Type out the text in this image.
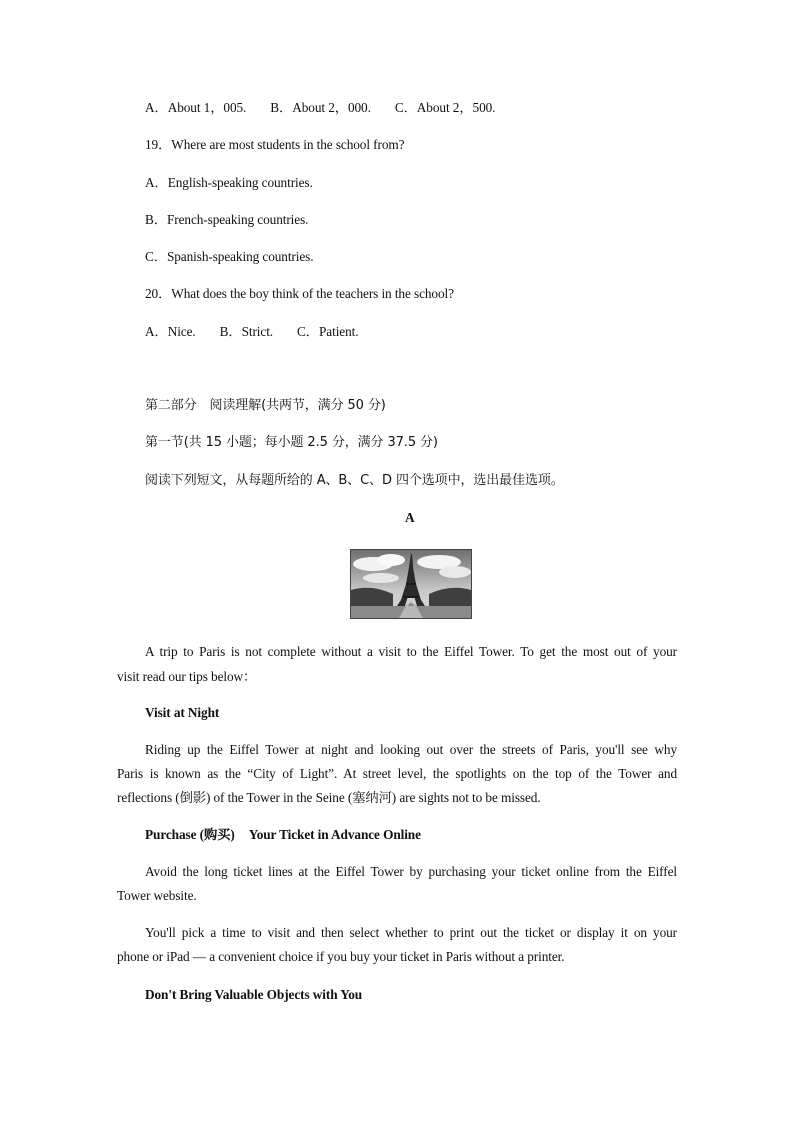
A．About 1，005. B．About 2，000. C．About 2，500.
19．Where are most students in the school from?
A．English-speaking countries.
B．French-speaking countries.
C．Spanish-speaking countries.
20．What does the boy think of the teachers in the school?
A．Nice. B．Strict. C．Patient.
第二部分　阅读理解(共两节，满分 50 分)
第一节(共 15 小题；每小题 2.5 分，满分 37.5 分)
阅读下列短文，从每题所给的 A、B、C、D 四个选项中，选出最佳选项。
A
A trip to Paris is not complete without a visit to the Eiffel Tower. To get the most out of your
visit read our tips below：
Visit at Night
Riding up the Eiffel Tower at night and looking out over the streets of Paris, you'll see why
Paris is known as the “City of Light”. At street level, the spotlights on the top of the Tower and
reflections (倒影) of the Tower in the Seine (塞纳河) are sights not to be missed.
Purchase (购买) Your Ticket in Advance Online
Avoid the long ticket lines at the Eiffel Tower by purchasing your ticket online from the Eiffel
Tower website.
You'll pick a time to visit and then select whether to print out the ticket or display it on your
phone or iPad — a convenient choice if you buy your ticket in Paris without a printer.
Don't Bring Valuable Objects with You
